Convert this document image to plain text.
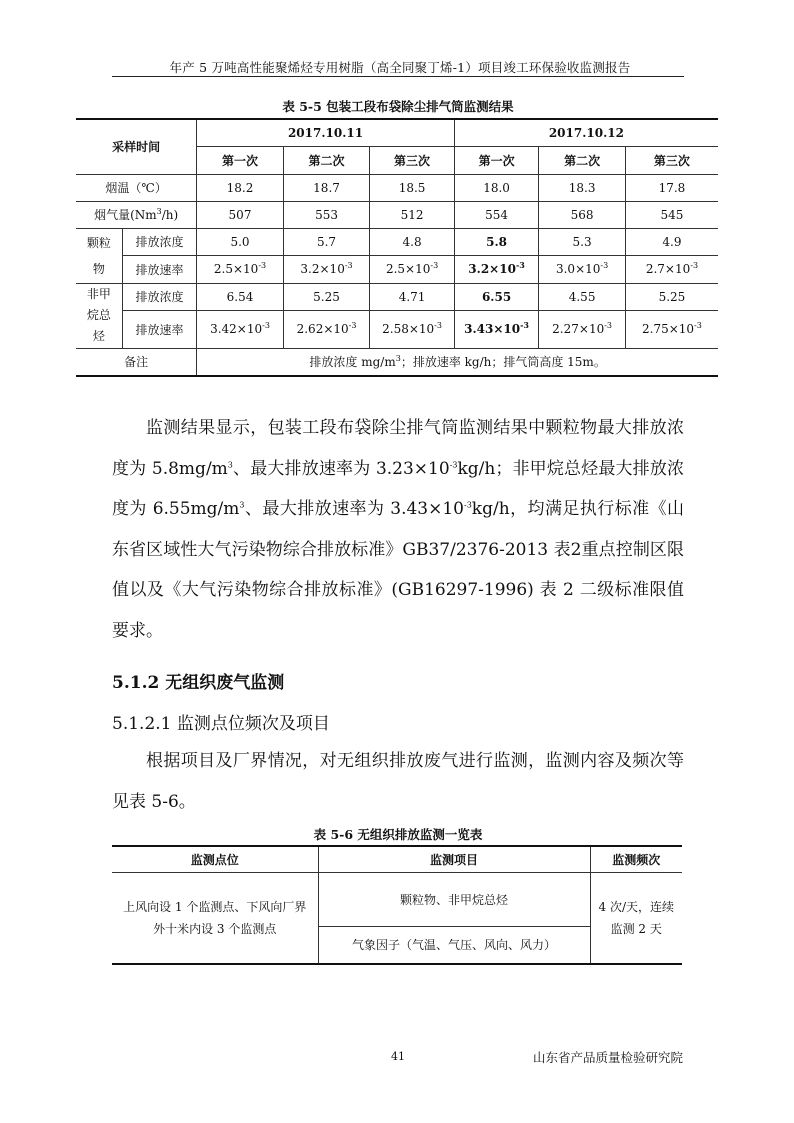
年产 5 万吨高性能聚烯烃专用树脂（高全同聚丁烯-1）项目竣工环保验收监测报告
表 5-5 包装工段布袋除尘排气筒监测结果
采样时间		2017.10.11			2017.10.12		
		第一次	第二次	第三次	第一次	第二次	第三次
烟温（℃）		18.2	18.7	18.5	18.0	18.3	17.8
烟气量(Nm$^3$/h)		507	553	512	554	568	545
颗粒物	排放浓度	5.0	5.7	4.8	5.8	5.3	4.9
	排放速率	$2.5\times 10^{-3}$	$3.2\times 10^{-3}$	$2.5\times 10^{-3}$	$3.2\times 10^{-3}$	$3.0\times 10^{-3}$	$2.7\times 10^{-3}$
非甲烷总烃	排放浓度	6.54	5.25	4.71	6.55	4.55	5.25
	排放速率	$3.42\times 10^{-3}$	$2.62\times 10^{-3}$	$2.58\times 10^{-3}$	$3.43\times 10^{-3}$	$2.27\times 10^{-3}$	$2.75\times 10^{-3}$
备注		排放浓度 $mg/m^3$；排放速率 kg/h；排气筒高度 15m。					
监测结果显示，包装工段布袋除尘排气筒监测结果中颗粒物最大排放浓度为 $5.8mg/m^3$、最大排放速率为 $3.23\times 10^{-3}kg/h$；非甲烷总烃最大排放浓度为 $6.55mg/m^3$、最大排放速率为 $3.43\times 10^{-3}kg/h$，均满足执行标准《山东省区域性大气污染物综合排放标准》GB37/2376-2013 表2重点控制区限值以及《大气污染物综合排放标准》(GB16297-1996) 表 2 二级标准限值要求。
5.1.2 无组织废气监测
5.1.2.1 监测点位频次及项目
根据项目及厂界情况，对无组织排放废气进行监测，监测内容及频次等见表 5-6。
表 5-6 无组织排放监测一览表
监测点位	监测项目	监测频次
上风向设 1 个监测点、下风向厂界外十米内设 3 个监测点	颗粒物、非甲烷总烃	4 次/天，连续监测 2 天
	气象因子（气温、气压、风向、风力）	
41	山东省产品质量检验研究院
